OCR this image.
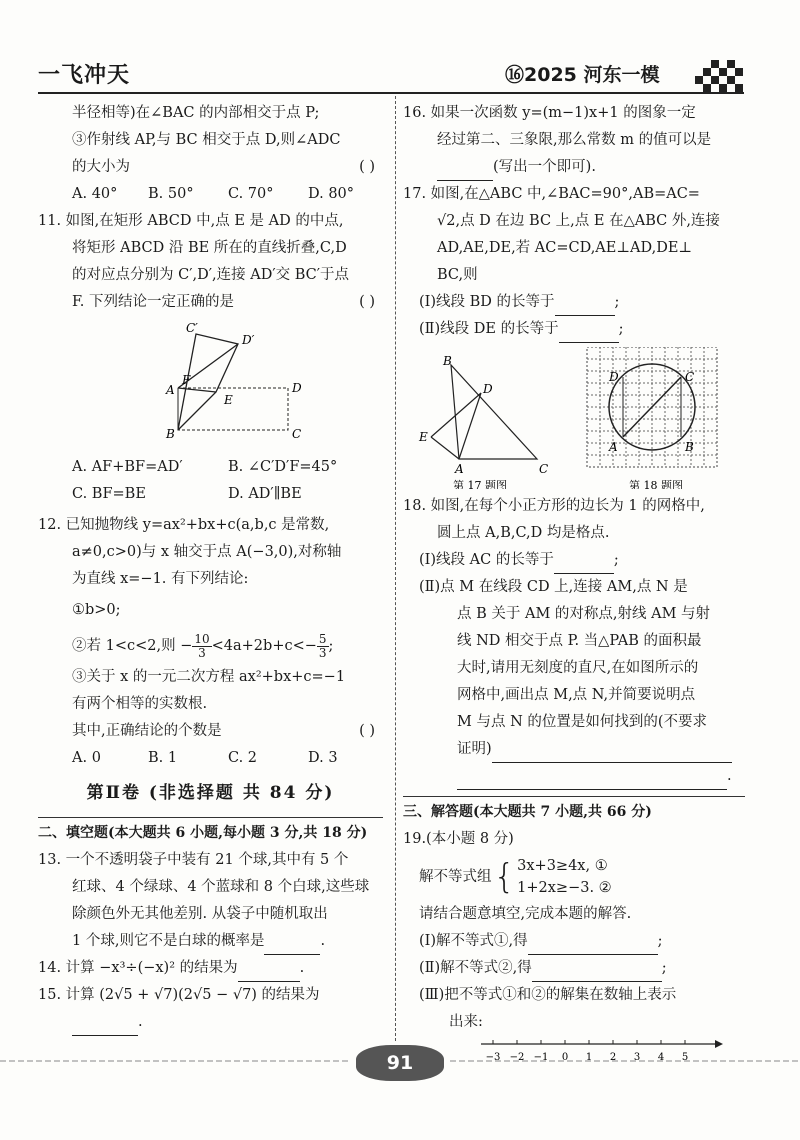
一飞冲天	⑯2025 河东一模

半径相等)在∠BAC 的内部相交于点 P;

③作射线 AP,与 BC 相交于点 D,则∠ADC

的大小为	( )

A. 40°	B. 50°	C. 70°	D. 80°

11. 如图,在矩形 ABCD 中,点 E 是 AD 的中点,

将矩形 ABCD 沿 BE 所在的直线折叠,C,D

的对应点分别为 C′,D′,连接 AD′交 BC′于点

F. 下列结论一定正确的是	( )

C′
D′
F
A
E
D
B	C
A. AF+BF=AD′	B. ∠C′D′F=45°
C. BF=BE	D. AD′∥BE

12. 已知抛物线 y=ax²+bx+c(a,b,c 是常数,

a≠0,c>0)与 x 轴交于点 A(−3,0),对称轴

为直线 x=−1. 有下列结论:

①b>0;

②若 1<c<2,则 − $\frac{10}{3} <4a+2b+c<- \frac{5}{3}$ ;

③关于 x 的一元二次方程 ax²+bx+c=−1

有两个相等的实数根.

其中,正确结论的个数是	( )

A. 0	B. 1	C. 2	D. 3
第Ⅱ卷 (非选择题 共 84 分)
二、填空题(本大题共 6 小题,每小题 3 分,共 18 分)

13. 一个不透明袋子中装有 21 个球,其中有 5 个

红球、4 个绿球、4 个蓝球和 8 个白球,这些球

除颜色外无其他差别. 从袋子中随机取出

1 个球,则它不是白球的概率是	.

14. 计算 −x³÷(−x)² 的结果为	.

15. 计算 (2√5 + √7)(2√5 − √7) 的结果为

.

16. 如果一次函数 y=(m−1)x+1 的图象一定

经过第二、三象限,那么常数 m 的值可以是

(写出一个即可).

17. 如图,在△ABC 中,∠BAC=90°,AB=AC=

√2,点 D 在边 BC 上,点 E 在△ABC 外,连接

AD,AE,DE,若 AC=CD,AE⊥AD,DE⊥

BC,则

(Ⅰ)线段 BD 的长等于	;

(Ⅱ)线段 DE 的长等于	;

B
D
E
A	C
第 17 题图
D	C
A	B
第 18 题图

18. 如图,在每个小正方形的边长为 1 的网格中,

圆上点 A,B,C,D 均是格点.

(Ⅰ)线段 AC 的长等于	;

(Ⅱ)点 M 在线段 CD 上,连接 AM,点 N 是

点 B 关于 AM 的对称点,射线 AM 与射

线 ND 相交于点 P. 当△PAB 的面积最

大时,请用无刻度的直尺,在如图所示的

网格中,画出点 M,点 N,并简要说明点

M 与点 N 的位置是如何找到的(不要求

证明)

.

三、解答题(本大题共 7 小题,共 66 分)

19.(本小题 8 分)

解不等式组 { 3x+3≥4x, ①
1+2x≥−3. ②

请结合题意填空,完成本题的解答.

(Ⅰ)解不等式①,得	;

(Ⅱ)解不等式②,得	;

(Ⅲ)把不等式①和②的解集在数轴上表示

出来:

−3 −2 −1 0 1 2 3 4 5
91
